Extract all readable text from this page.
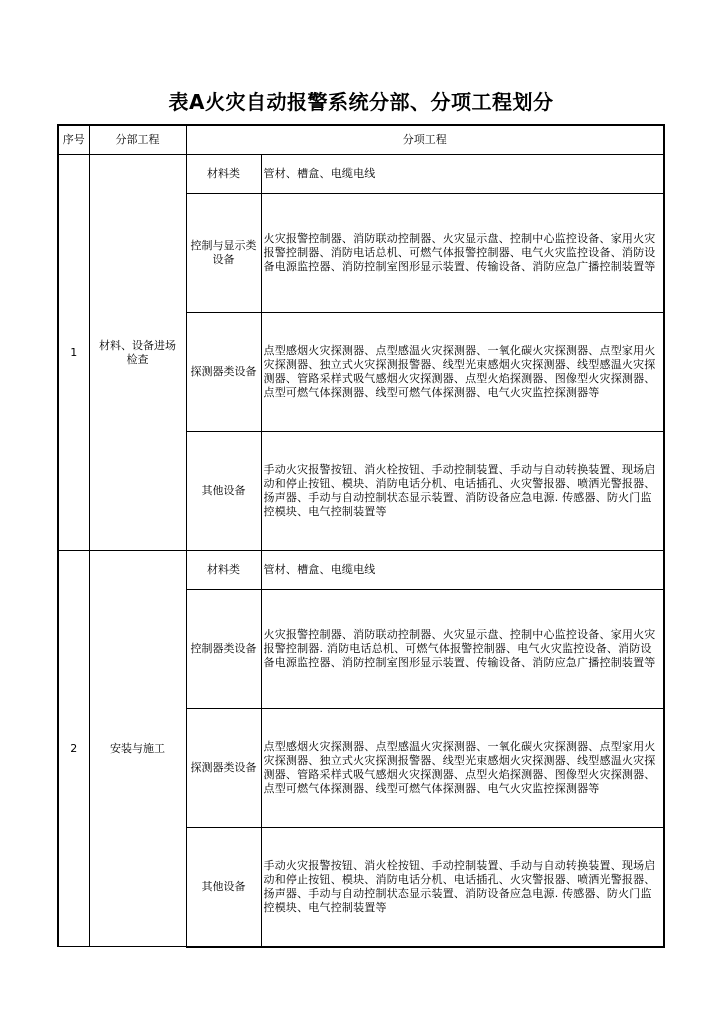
表A火灾自动报警系统分部、分项工程划分
序号	分部工程	分项工程	
1	材料、设备进场检查	材料类	管材、槽盒、电缆电线
		控制与显示类设备	火灾报警控制器、消防联动控制器、火灾显示盘、控制中心监控设备、家用火灾报警控制器、消防电话总机、可燃气体报警控制器、电气火灾监控设备、消防设备电源监控器、消防控制室图形显示装置、传输设备、消防应急广播控制装置等
		探测器类设备	点型感烟火灾探测器、点型感温火灾探测器、一氧化碳火灾探测器、点型家用火灾探测器、独立式火灾探测报警器、线型光束感烟火灾探测器、线型感温火灾探测器、管路采样式吸气感烟火灾探测器、点型火焰探测器、图像型火灾探测器、点型可燃气体探测器、线型可燃气体探测器、电气火灾监控探测器等
		其他设备	手动火灾报警按钮、消火栓按钮、手动控制装置、手动与自动转换装置、现场启动和停止按钮、模块、消防电话分机、电话插孔、火灾警报器、喷洒光警报器、扬声器、手动与自动控制状态显示装置、消防设备应急电源. 传感器、防火门监控模块、电气控制装置等
2	安装与施工	材料类	管材、槽盒、电缆电线
		控制器类设备	火灾报警控制器、消防联动控制器、火灾显示盘、控制中心监控设备、家用火灾报警控制器. 消防电话总机、可燃气体报警控制器、电气火灾监控设备、消防设备电源监控器、消防控制室图形显示装置、传输设备、消防应急广播控制装置等
		探测器类设备	点型感烟火灾探测器、点型感温火灾探测器、一氧化碳火灾探测器、点型家用火灾探测器、独立式火灾探测报警器、线型光束感烟火灾探测器、线型感温火灾探测器、管路采样式吸气感烟火灾探测器、点型火焰探测器、图像型火灾探测器、点型可燃气体探测器、线型可燃气体探测器、电气火灾监控探测器等
		其他设备	手动火灾报警按钮、消火栓按钮、手动控制装置、手动与自动转换装置、现场启动和停止按钮、模块、消防电话分机、电话插孔、火灾警报器、喷洒光警报器、扬声器、手动与自动控制状态显示装置、消防设备应急电源. 传感器、防火门监控模块、电气控制装置等
